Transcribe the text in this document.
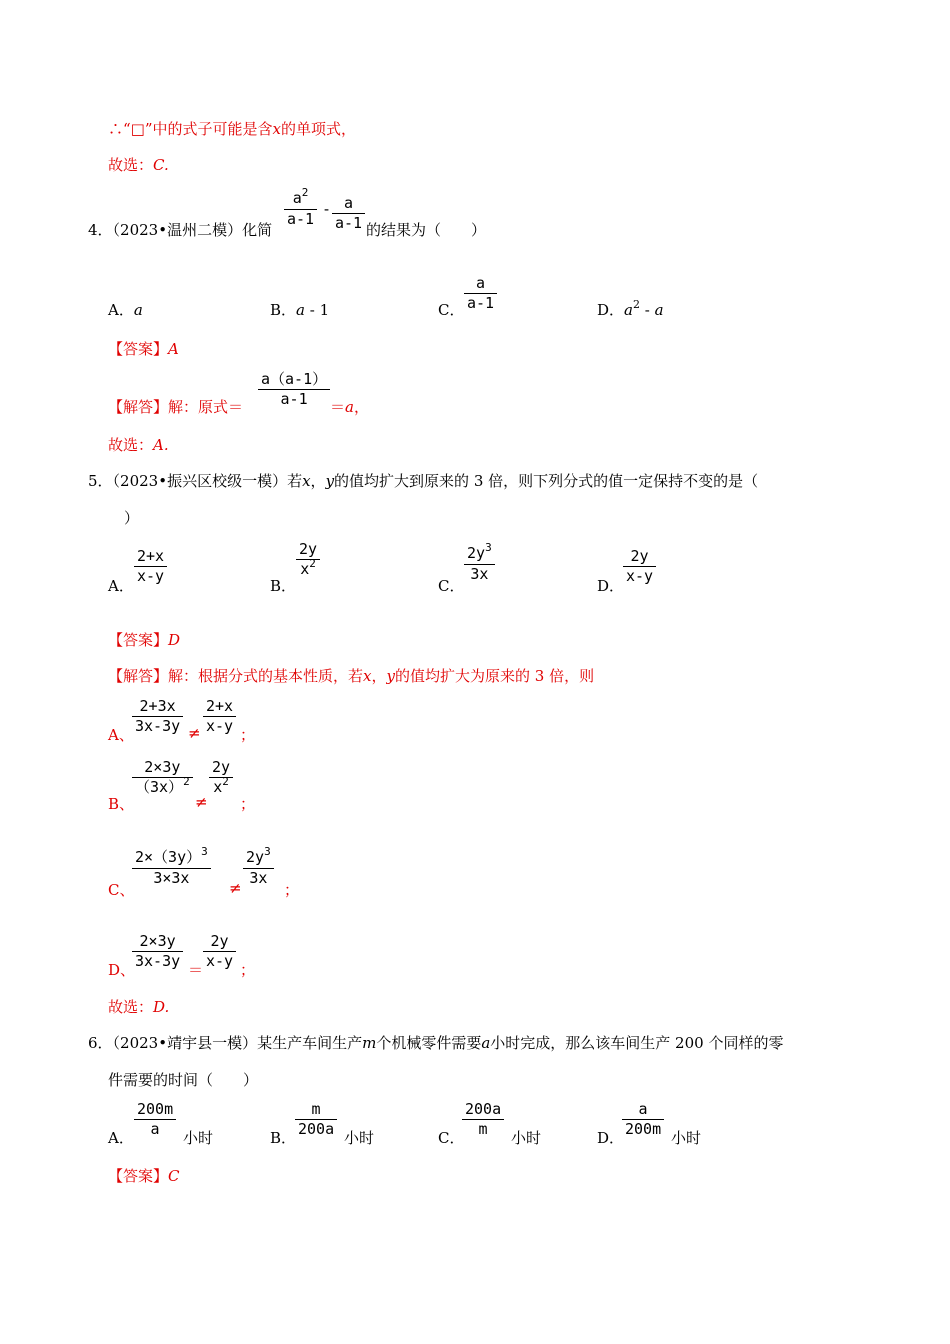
∴“□”中的式子可能是含x的单项式，
故选：C.
4．（2023•温州二模）化简
$\frac{a^2}{a-1} - \frac{a}{a-1}$ 的结果为（　　）
A．a	B．a - 1	C． $\frac{a}{a-1}$	D．$a^2$ - a
【答案】A
【解答】解：原式＝ $\frac{a(a-1)}{a-1} =a$，
故选：A.
5．（2023•振兴区校级一模）若x，y的值均扩大到原来的 3 倍，则下列分式的值一定保持不变的是（
）
A． $\frac{2+x}{x-y}$	B．
$\frac{2y}{x^2}$
C．
$\frac{2y^3}{3x}$
D．
$\frac{2y}{x-y}$
【答案】D
【解答】解：根据分式的基本性质，若x，y的值均扩大为原来的 3 倍，则
A、
$\frac{2+3x}{3x-3y} \ne \frac{2+x}{x-y}$ ；
B、
$\frac{2\times 3y}{(3x)^2}$
≠
$\frac{2y}{x^2}$
；
C、
$\frac{2\times(3y)^3}{3\times 3x} \ne \frac{2y^3}{3x}$
；
D、
$\frac{2\times 3y}{3x-3y} = \frac{2y}{x-y}$ ；
故选：D.
6．（2023•靖宇县一模）某生产车间生产m个机械零件需要a小时完成，那么该车间生产 200 个同样的零
件需要的时间（　　）
A． $\frac{200m}{a}$ 小时	B．
$\frac{m}{200a}$ 小时	C．
$\frac{200a}{m}$ 小时	D．
$\frac{a}{200m}$ 小时
【答案】C
